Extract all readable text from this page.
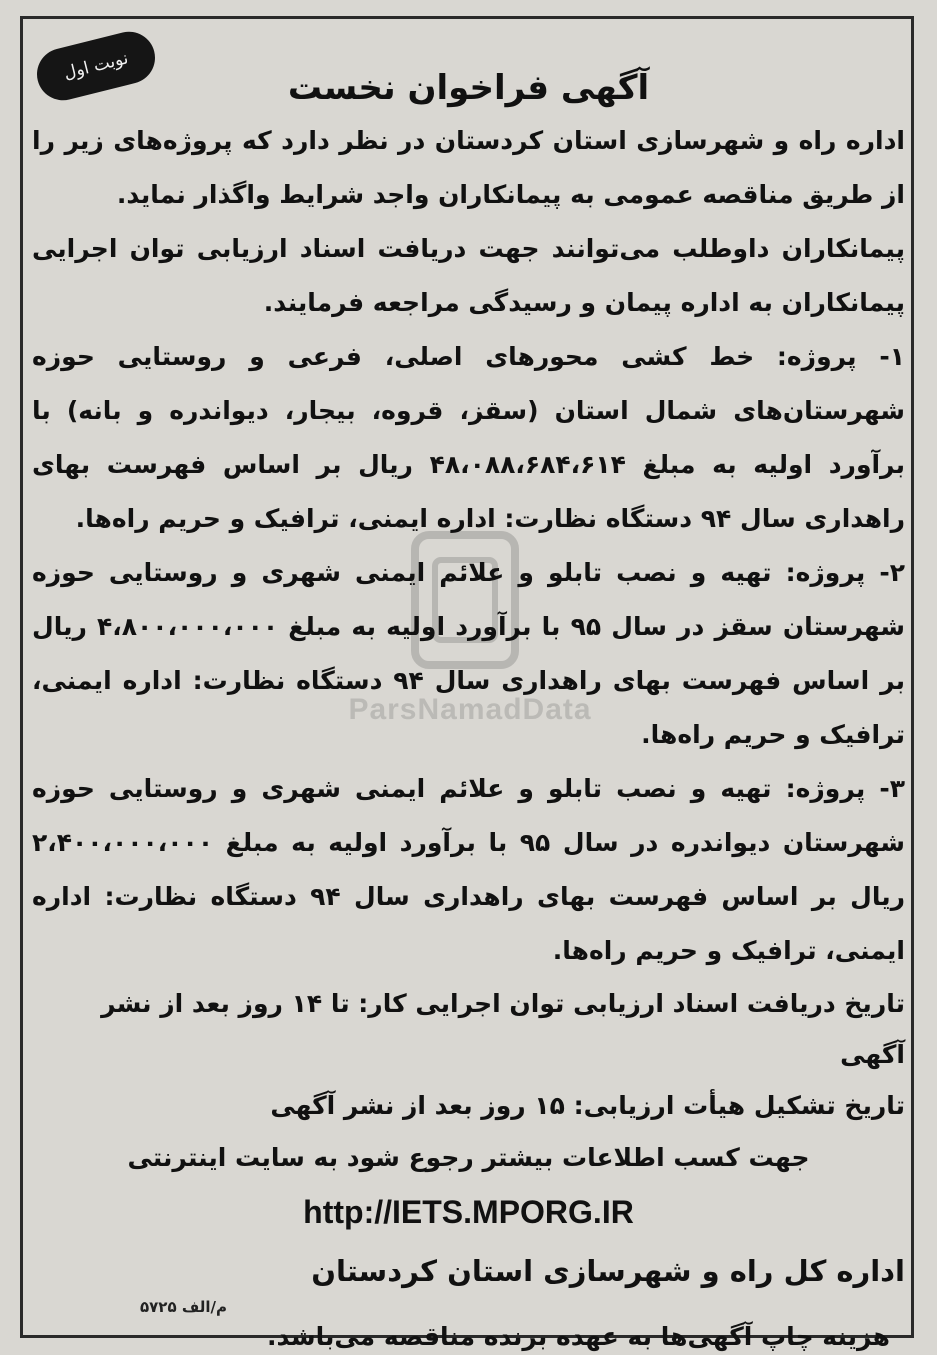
نوبت اول
ParsNamadData
آگهی فراخوان نخست

اداره راه و شهرسازی استان کردستان در نظر دارد که پروژه‌های زیر را از طریق مناقصه عمومی به پیمانکاران واجد شرایط واگذار نماید.

پیمانکاران داوطلب می‌توانند جهت دریافت اسناد ارزیابی توان اجرایی پیمانکاران به اداره پیمان و رسیدگی مراجعه فرمایند.

۱- پروژه: خط کشی محورهای اصلی، فرعی و روستایی حوزه شهرستان‌های شمال استان (سقز، قروه، بیجار، دیواندره و بانه) با برآورد اولیه به مبلغ ۴۸،۰۸۸،۶۸۴،۶۱۴ ریال بر اساس فهرست بهای راهداری سال ۹۴ دستگاه نظارت: اداره ایمنی، ترافیک و حریم راه‌ها.

۲- پروژه: تهیه و نصب تابلو و علائم ایمنی شهری و روستایی حوزه شهرستان سقز در سال ۹۵ با برآورد اولیه به مبلغ ۴،۸۰۰،۰۰۰،۰۰۰ ریال بر اساس فهرست بهای راهداری سال ۹۴ دستگاه نظارت: اداره ایمنی، ترافیک و حریم راه‌ها.

۳- پروژه: تهیه و نصب تابلو و علائم ایمنی شهری و روستایی حوزه شهرستان دیواندره در سال ۹۵ با برآورد اولیه به مبلغ ۲،۴۰۰،۰۰۰،۰۰۰ ریال بر اساس فهرست بهای راهداری سال ۹۴ دستگاه نظارت: اداره ایمنی، ترافیک و حریم راه‌ها.

تاریخ دریافت اسناد ارزیابی توان اجرایی کار: تا ۱۴ روز بعد از نشر آگهی

تاریخ تشکیل هیأت ارزیابی: ۱۵ روز بعد از نشر آگهی

جهت کسب اطلاعات بیشتر رجوع شود به سایت اینترنتی

http://IETS.MPORG.IR

اداره کل راه و شهرسازی استان کردستان

هزینه چاپ آگهی‌ها به عهده برنده مناقصه می‌باشد.

م/الف ۵۷۲۵
